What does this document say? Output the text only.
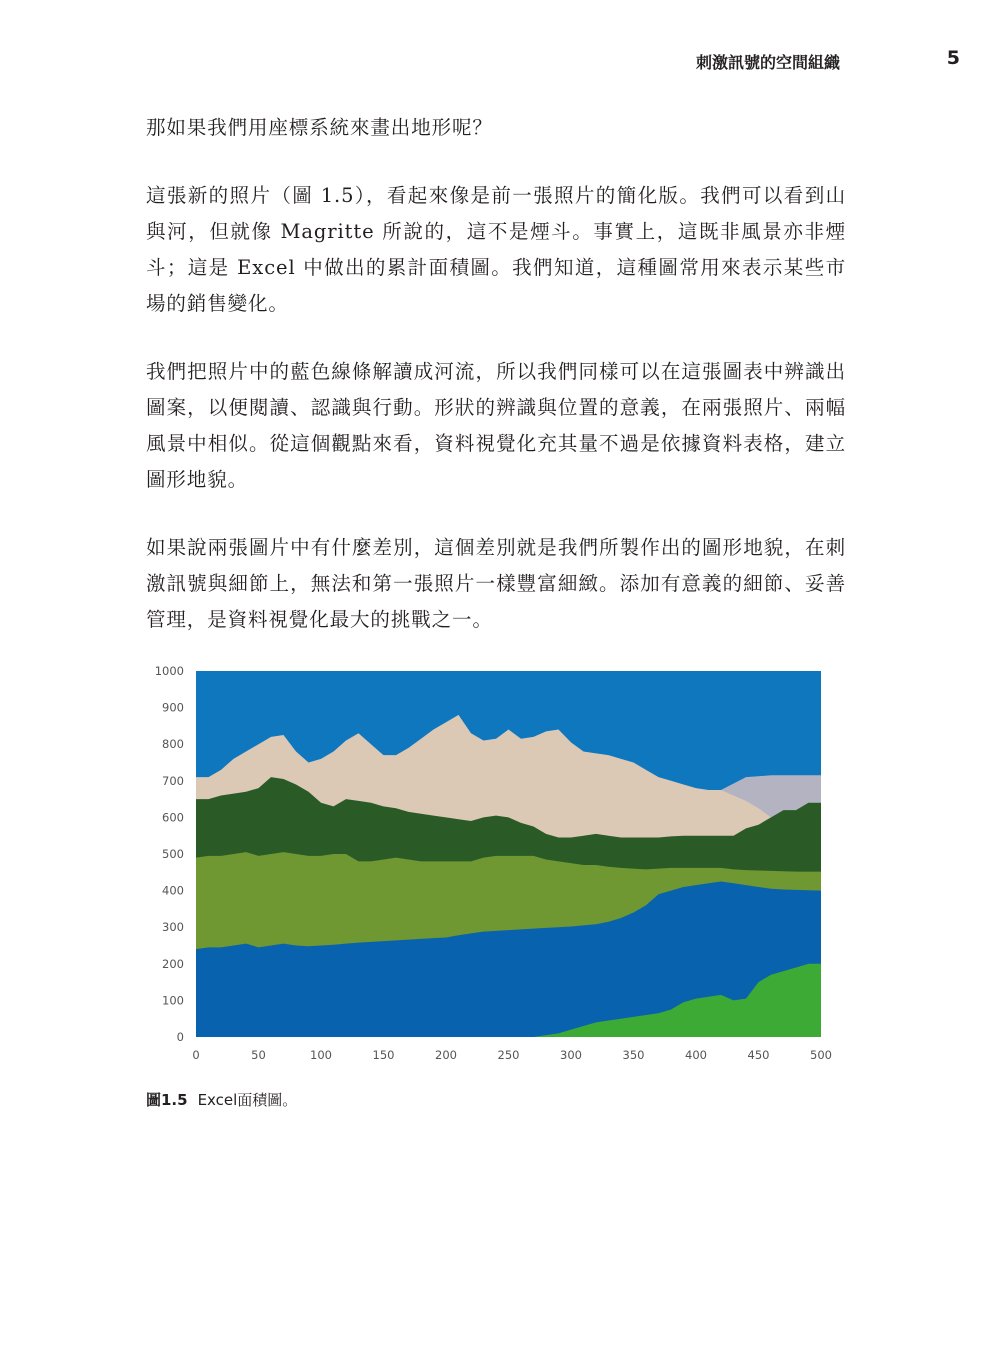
刺激訊號的空間組織	5

那如果我們用座標系統來畫出地形呢？

這張新的照片（圖 1.5），看起來像是前一張照片的簡化版。我們可以看到山與河，但就像 Magritte 所說的，這不是煙斗。事實上，這既非風景亦非煙斗；這是 Excel 中做出的累計面積圖。我們知道，這種圖常用來表示某些市場的銷售變化。

我們把照片中的藍色線條解讀成河流，所以我們同樣可以在這張圖表中辨識出圖案，以便閱讀、認識與行動。形狀的辨識與位置的意義，在兩張照片、兩幅風景中相似。從這個觀點來看，資料視覺化充其量不過是依據資料表格，建立圖形地貌。

如果說兩張圖片中有什麼差別，這個差別就是我們所製作出的圖形地貌，在刺激訊號與細節上，無法和第一張照片一樣豐富細緻。添加有意義的細節、妥善管理，是資料視覺化最大的挑戰之一。

0
100
200
300
400
500
600
700
800
900
1000
0	50	100	150	200	250	300	350	400	450	500
圖1.5 Excel面積圖。
